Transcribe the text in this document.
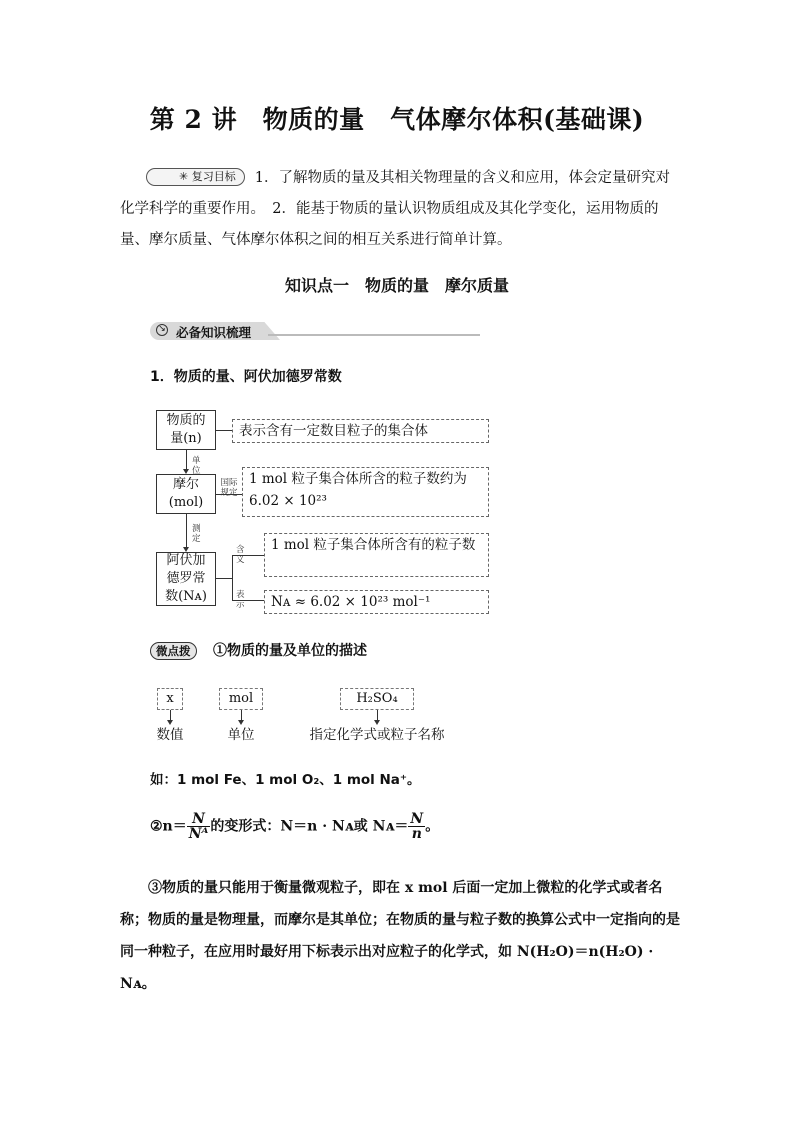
第 2 讲　物质的量　气体摩尔体积(基础课)
✳ 复习目标 1．了解物质的量及其相关物理量的含义和应用，体会定量研究对化学科学的重要作用。　2．能基于物质的量认识物质组成及其化学变化，运用物质的量、摩尔质量、气体摩尔体积之间的相互关系进行简单计算。
知识点一　物质的量　摩尔质量
↘ 必备知识梳理
1．物质的量、阿伏加德罗常数
物质的量(n)	表示含有一定数目粒子的集合体
单位
摩尔(mol)
国际规定
1 mol 粒子集合体所含的粒子数约为 6.02 × 10²³
测定
阿伏加德罗常数(Nᴀ)
含义
表示
1 mol 粒子集合体所含有的粒子数
Nᴀ ≈ 6.02 × 10²³ mol⁻¹
微点拨	①物质的量及单位的描述
x
数值
mol
单位
H₂SO₄
指定化学式或粒子名称
如：1 mol Fe、1 mol O₂、1 mol Na⁺。
②n＝ $\frac{N}{\text{Nᴬ}}$ 的变形式：N＝n · Nᴀ或 Nᴀ＝ $\frac{N}{n}$ 。
③物质的量只能用于衡量微观粒子，即在 x mol 后面一定加上微粒的化学式或者名称；物质的量是物理量，而摩尔是其单位；在物质的量与粒子数的换算公式中一定指向的是同一种粒子，在应用时最好用下标表示出对应粒子的化学式，如 N(H₂O)＝n(H₂O) · Nᴀ。
